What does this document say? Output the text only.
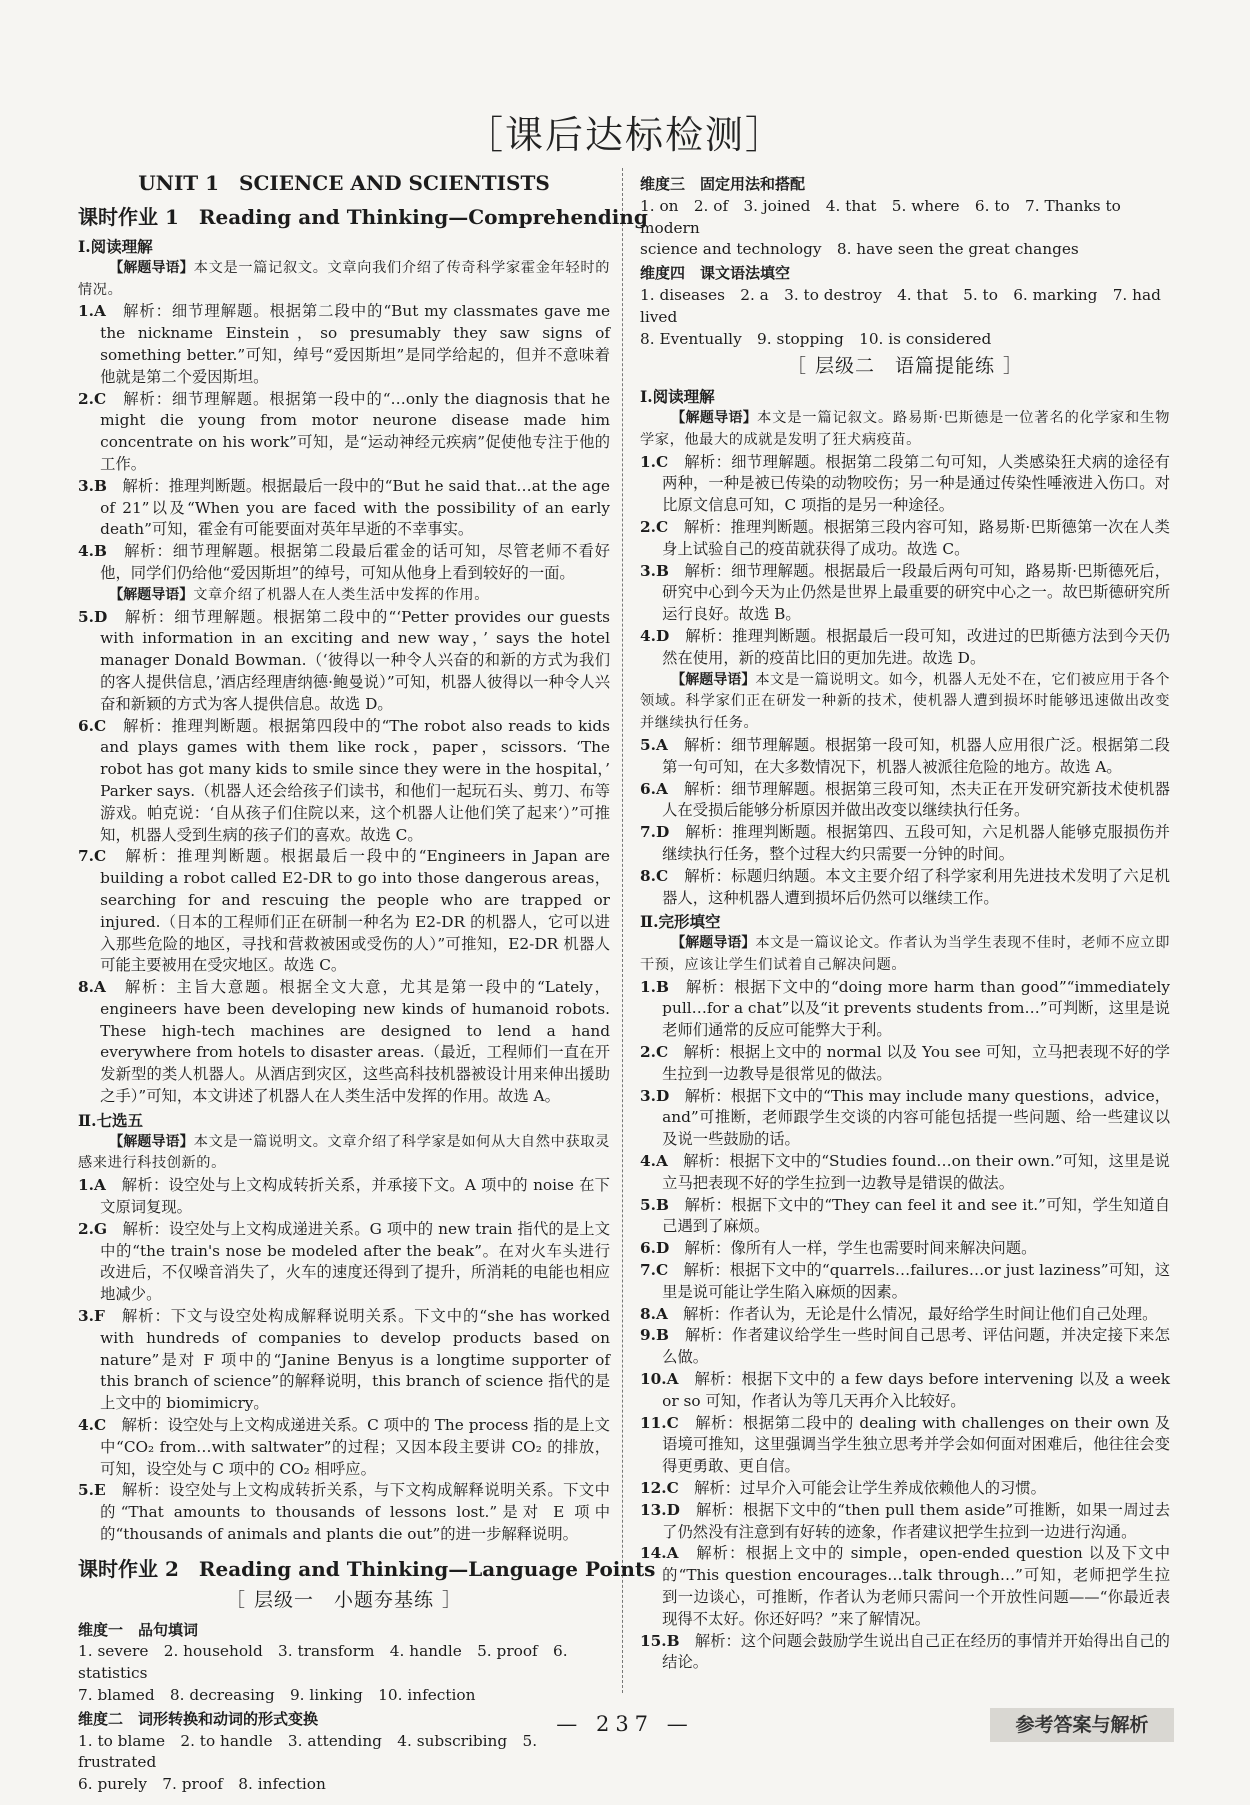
［课后达标检测］
UNIT 1　SCIENCE AND SCIENTISTS
课时作业 1　Reading and Thinking—Comprehending
Ⅰ.阅读理解

【解题导语】本文是一篇记叙文。文章向我们介绍了传奇科学家霍金年轻时的情况。

1.A　 解析：细节理解题。根据第二段中的“But my classmates gave me the nickname Einstein，so presumably they saw signs of something better.”可知，绰号“爱因斯坦”是同学给起的，但并不意味着他就是第二个爱因斯坦。

2.C　 解析：细节理解题。根据第一段中的“…only the diagnosis that he might die young from motor neurone disease made him concentrate on his work”可知，是“运动神经元疾病”促使他专注于他的工作。

3.B　 解析：推理判断题。根据最后一段中的“But he said that…at the age of 21”以及“When you are faced with the possibility of an early death”可知，霍金有可能要面对英年早逝的不幸事实。

4.B　 解析：细节理解题。根据第二段最后霍金的话可知，尽管老师不看好他，同学们仍给他“爱因斯坦”的绰号，可知从他身上看到较好的一面。

【解题导语】文章介绍了机器人在人类生活中发挥的作用。

5.D　 解析：细节理解题。根据第二段中的“‘Petter provides our guests with information in an exciting and new way，’ says the hotel manager Donald Bowman.（‘彼得以一种令人兴奋的和新的方式为我们的客人提供信息，’酒店经理唐纳德·鲍曼说）”可知，机器人彼得以一种令人兴奋和新颖的方式为客人提供信息。故选 D。

6.C　 解析：推理判断题。根据第四段中的“The robot also reads to kids and plays games with them like rock，paper，scissors. ‘The robot has got many kids to smile since they were in the hospital，’ Parker says.（机器人还会给孩子们读书，和他们一起玩石头、剪刀、布等游戏。帕克说：‘自从孩子们住院以来，这个机器人让他们笑了起来’）”可推知，机器人受到生病的孩子们的喜欢。故选 C。

7.C　 解析：推理判断题。根据最后一段中的“Engineers in Japan are building a robot called E2-DR to go into those dangerous areas，searching for and rescuing the people who are trapped or injured.（日本的工程师们正在研制一种名为 E2-DR 的机器人，它可以进入那些危险的地区，寻找和营救被困或受伤的人）”可推知，E2-DR 机器人可能主要被用在受灾地区。故选 C。

8.A　 解析：主旨大意题。根据全文大意，尤其是第一段中的“Lately，engineers have been developing new kinds of humanoid robots. These high-tech machines are designed to lend a hand everywhere from hotels to disaster areas.（最近，工程师们一直在开发新型的类人机器人。从酒店到灾区，这些高科技机器被设计用来伸出援助之手）”可知，本文讲述了机器人在人类生活中发挥的作用。故选 A。

Ⅱ.七选五

【解题导语】本文是一篇说明文。文章介绍了科学家是如何从大自然中获取灵感来进行科技创新的。

1.A　 解析：设空处与上文构成转折关系，并承接下文。A 项中的 noise 在下文原词复现。

2.G　 解析：设空处与上文构成递进关系。G 项中的 new train 指代的是上文中的“the train's nose be modeled after the beak”。在对火车头进行改进后，不仅噪音消失了，火车的速度还得到了提升，所消耗的电能也相应地减少。

3.F　 解析：下文与设空处构成解释说明关系。下文中的“she has worked with hundreds of companies to develop products based on nature”是对 F 项中的“Janine Benyus is a longtime supporter of this branch of science”的解释说明，this branch of science 指代的是上文中的 biomimicry。

4.C　 解析：设空处与上文构成递进关系。C 项中的 The process 指的是上文中“CO₂ from…with saltwater”的过程；又因本段主要讲 CO₂ 的排放，可知，设空处与 C 项中的 CO₂ 相呼应。

5.E　 解析：设空处与上文构成转折关系，与下文构成解释说明关系。下文中的“That amounts to thousands of lessons lost.”是对 E 项中的“thousands of animals and plants die out”的进一步解释说明。

课时作业 2　Reading and Thinking—Language Points
［ 层级一　小题夯基练 ］
维度一　品句填词

1. severe　2. household　3. transform　4. handle　5. proof　6. statistics

7. blamed　8. decreasing　9. linking　10. infection

维度二　词形转换和动词的形式变换

1. to blame　2. to handle　3. attending　4. subscribing　5. frustrated

6. purely　7. proof　8. infection

维度三　固定用法和搭配

1. on　2. of　3. joined　4. that　5. where　6. to　7. Thanks to modern

science and technology　8. have seen the great changes

维度四　课文语法填空

1. diseases　2. a　3. to destroy　4. that　5. to　6. marking　7. had lived

8. Eventually　9. stopping　10. is considered

［ 层级二　语篇提能练 ］
Ⅰ.阅读理解

【解题导语】本文是一篇记叙文。路易斯·巴斯德是一位著名的化学家和生物学家，他最大的成就是发明了狂犬病疫苗。

1.C　 解析：细节理解题。根据第二段第二句可知，人类感染狂犬病的途径有两种，一种是被已传染的动物咬伤；另一种是通过传染性唾液进入伤口。对比原文信息可知，C 项指的是另一种途径。

2.C　 解析：推理判断题。根据第三段内容可知，路易斯·巴斯德第一次在人类身上试验自己的疫苗就获得了成功。故选 C。

3.B　 解析：细节理解题。根据最后一段最后两句可知，路易斯·巴斯德死后，研究中心到今天为止仍然是世界上最重要的研究中心之一。故巴斯德研究所运行良好。故选 B。

4.D　 解析：推理判断题。根据最后一段可知，改进过的巴斯德方法到今天仍然在使用，新的疫苗比旧的更加先进。故选 D。

【解题导语】本文是一篇说明文。如今，机器人无处不在，它们被应用于各个领域。科学家们正在研发一种新的技术，使机器人遭到损坏时能够迅速做出改变并继续执行任务。

5.A　 解析：细节理解题。根据第一段可知，机器人应用很广泛。根据第二段第一句可知，在大多数情况下，机器人被派往危险的地方。故选 A。

6.A　 解析：细节理解题。根据第三段可知，杰夫正在开发研究新技术使机器人在受损后能够分析原因并做出改变以继续执行任务。

7.D　 解析：推理判断题。根据第四、五段可知，六足机器人能够克服损伤并继续执行任务，整个过程大约只需要一分钟的时间。

8.C　 解析：标题归纳题。本文主要介绍了科学家利用先进技术发明了六足机器人，这种机器人遭到损坏后仍然可以继续工作。

Ⅱ.完形填空

【解题导语】本文是一篇议论文。作者认为当学生表现不佳时，老师不应立即干预，应该让学生们试着自己解决问题。

1.B　 解析：根据下文中的“doing more harm than good”“immediately pull…for a chat”以及“it prevents students from…”可判断，这里是说老师们通常的反应可能弊大于利。

2.C　 解析：根据上文中的 normal 以及 You see 可知，立马把表现不好的学生拉到一边教导是很常见的做法。

3.D　 解析：根据下文中的“This may include many questions，advice，and”可推断，老师跟学生交谈的内容可能包括提一些问题、给一些建议以及说一些鼓励的话。

4.A　 解析：根据下文中的“Studies found…on their own.”可知，这里是说立马把表现不好的学生拉到一边教导是错误的做法。

5.B　 解析：根据下文中的“They can feel it and see it.”可知，学生知道自己遇到了麻烦。

6.D　 解析：像所有人一样，学生也需要时间来解决问题。

7.C　 解析：根据下文中的“quarrels…failures…or just laziness”可知，这里是说可能让学生陷入麻烦的因素。

8.A　 解析：作者认为，无论是什么情况，最好给学生时间让他们自己处理。

9.B　 解析：作者建议给学生一些时间自己思考、评估问题，并决定接下来怎么做。

10.A　 解析：根据下文中的 a few days before intervening 以及 a week or so 可知，作者认为等几天再介入比较好。

11.C　 解析：根据第二段中的 dealing with challenges on their own 及语境可推知，这里强调当学生独立思考并学会如何面对困难后，他往往会变得更勇敢、更自信。

12.C　 解析：过早介入可能会让学生养成依赖他人的习惯。

13.D　 解析：根据下文中的“then pull them aside”可推断，如果一周过去了仍然没有注意到有好转的迹象，作者建议把学生拉到一边进行沟通。

14.A　 解析：根据上文中的 simple，open-ended question 以及下文中的“This question encourages…talk through…”可知，老师把学生拉到一边谈心，可推断，作者认为老师只需问一个开放性问题——“你最近表现得不太好。你还好吗？”来了解情况。

15.B　 解析：这个问题会鼓励学生说出自己正在经历的事情并开始得出自己的结论。

— 237 —	参考答案与解析
